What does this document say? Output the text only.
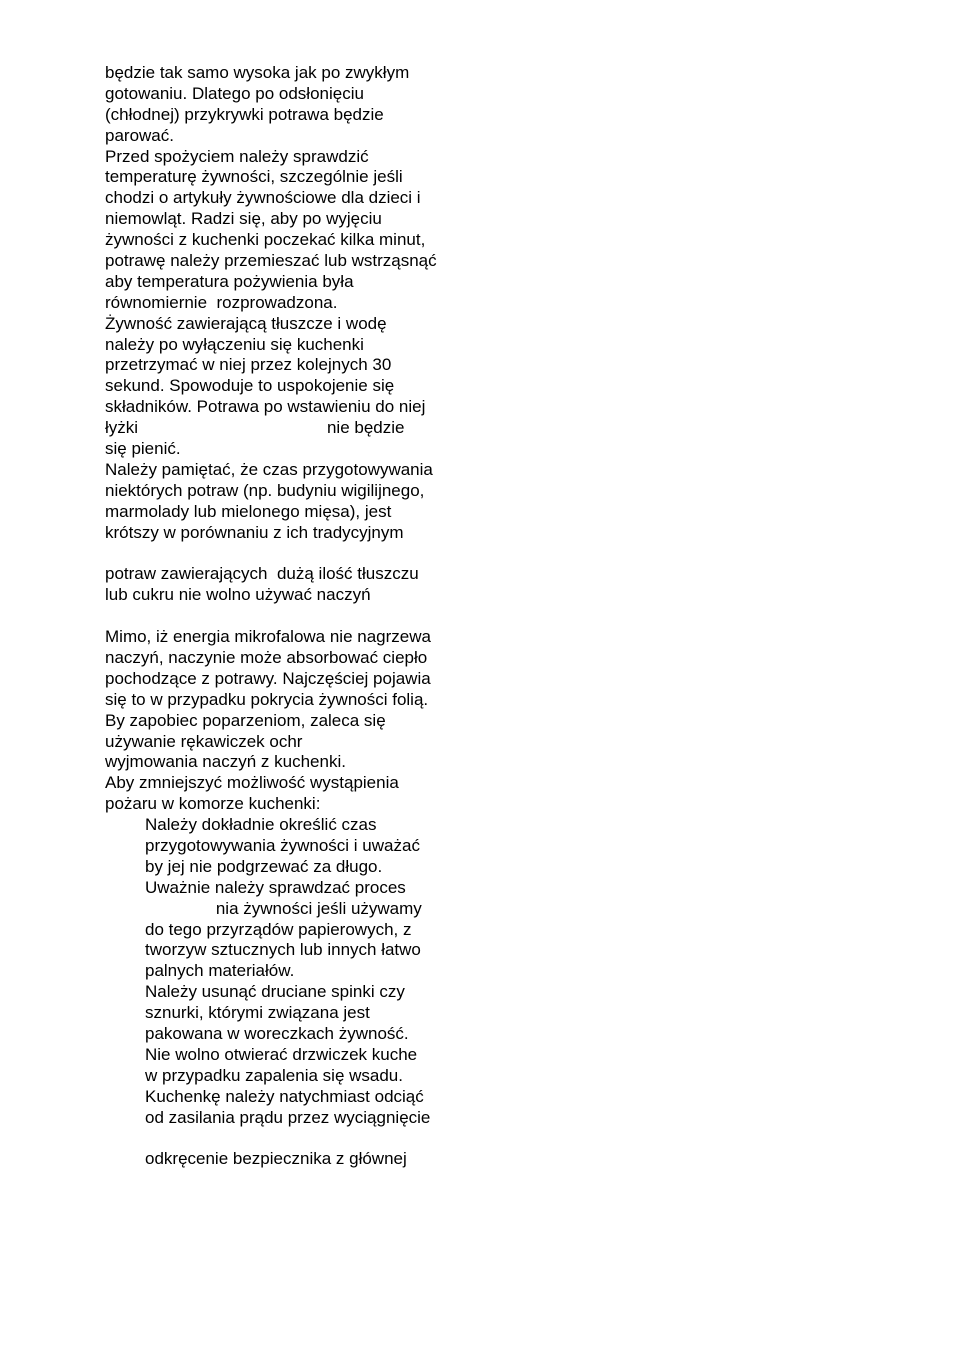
będzie tak samo wysoka jak po zwykłym
gotowaniu. Dlatego po odsłonięciu
(chłodnej) przykrywki potrawa będzie
parować.
Przed spożyciem należy sprawdzić
temperaturę żywności, szczególnie jeśli
chodzi o artykuły żywnościowe dla dzieci i
niemowląt. Radzi się, aby po wyjęciu
żywności z kuchenki poczekać kilka minut,
potrawę należy przemieszać lub wstrząsnąć
aby temperatura pożywienia była
równomiernie  rozprowadzona.
Żywność zawierającą tłuszcze i wodę
należy po wyłączeniu się kuchenki
przetrzymać w niej przez kolejnych 30
sekund. Spowoduje to uspokojenie się
składników. Potrawa po wstawieniu do niej
łyżki                                        nie będzie
się pienić.
Należy pamiętać, że czas przygotowywania
niektórych potraw (np. budyniu wigilijnego,
marmolady lub mielonego mięsa), jest
krótszy w porównaniu z ich tradycyjnym
potraw zawierających  dużą ilość tłuszczu
lub cukru nie wolno używać naczyń
Mimo, iż energia mikrofalowa nie nagrzewa
naczyń, naczynie może absorbować ciepło
pochodzące z potrawy. Najczęściej pojawia
się to w przypadku pokrycia żywności folią.
By zapobiec poparzeniom, zaleca się
używanie rękawiczek ochr
wyjmowania naczyń z kuchenki.
Aby zmniejszyć możliwość wystąpienia
pożaru w komorze kuchenki:
Należy dokładnie określić czas
przygotowywania żywności i uważać
by jej nie podgrzewać za długo.
Uważnie należy sprawdzać proces
nia żywności jeśli używamy
do tego przyrządów papierowych, z
tworzyw sztucznych lub innych łatwo
palnych materiałów.
Należy usunąć druciane spinki czy
sznurki, którymi związana jest
pakowana w woreczkach żywność.
Nie wolno otwierać drzwiczek kuche
w przypadku zapalenia się wsadu.
Kuchenkę należy natychmiast odciąć
od zasilania prądu przez wyciągnięcie
odkręcenie bezpiecznika z głównej
